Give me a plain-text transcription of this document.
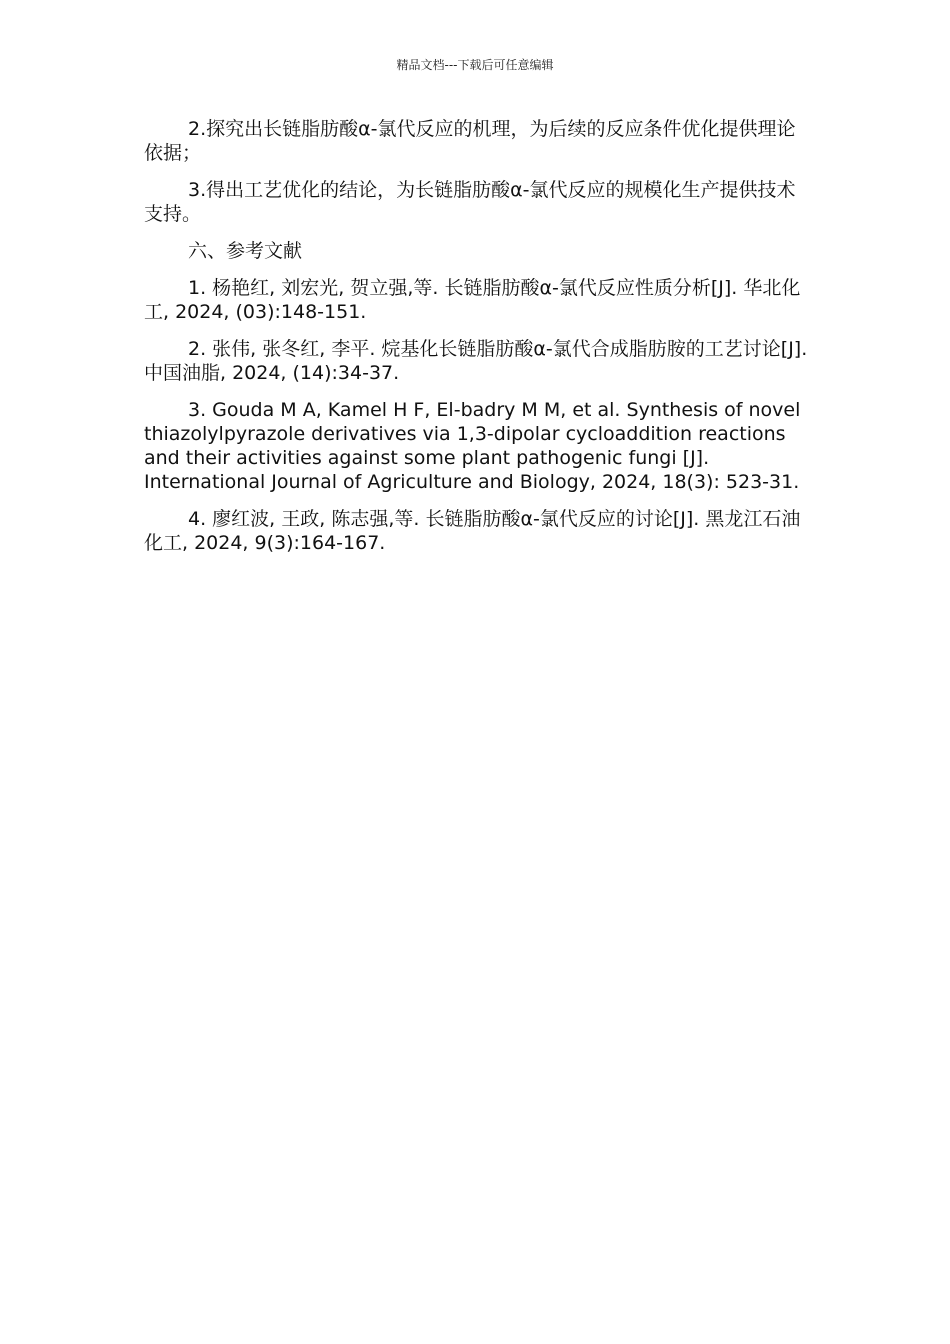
精品文档---下载后可任意编辑

2.探究出长链脂肪酸α-氯代反应的机理，为后续的反应条件优化提供理论依据；

3.得出工艺优化的结论，为长链脂肪酸α-氯代反应的规模化生产提供技术支持。

六、参考文献

1. 杨艳红, 刘宏光, 贺立强,等. 长链脂肪酸α-氯代反应性质分析[J]. 华北化工, 2024, (03):148-151.

2. 张伟, 张冬红, 李平. 烷基化长链脂肪酸α-氯代合成脂肪胺的工艺讨论[J]. 中国油脂, 2024, (14):34-37.

3. Gouda M A, Kamel H F, El-badry M M, et al. Synthesis of novel thiazolylpyrazole derivatives via 1,3-dipolar cycloaddition reactions and their activities against some plant pathogenic fungi [J]. International Journal of Agriculture and Biology, 2024, 18(3): 523-31.

4. 廖红波, 王政, 陈志强,等. 长链脂肪酸α-氯代反应的讨论[J]. 黑龙江石油化工, 2024, 9(3):164-167.
